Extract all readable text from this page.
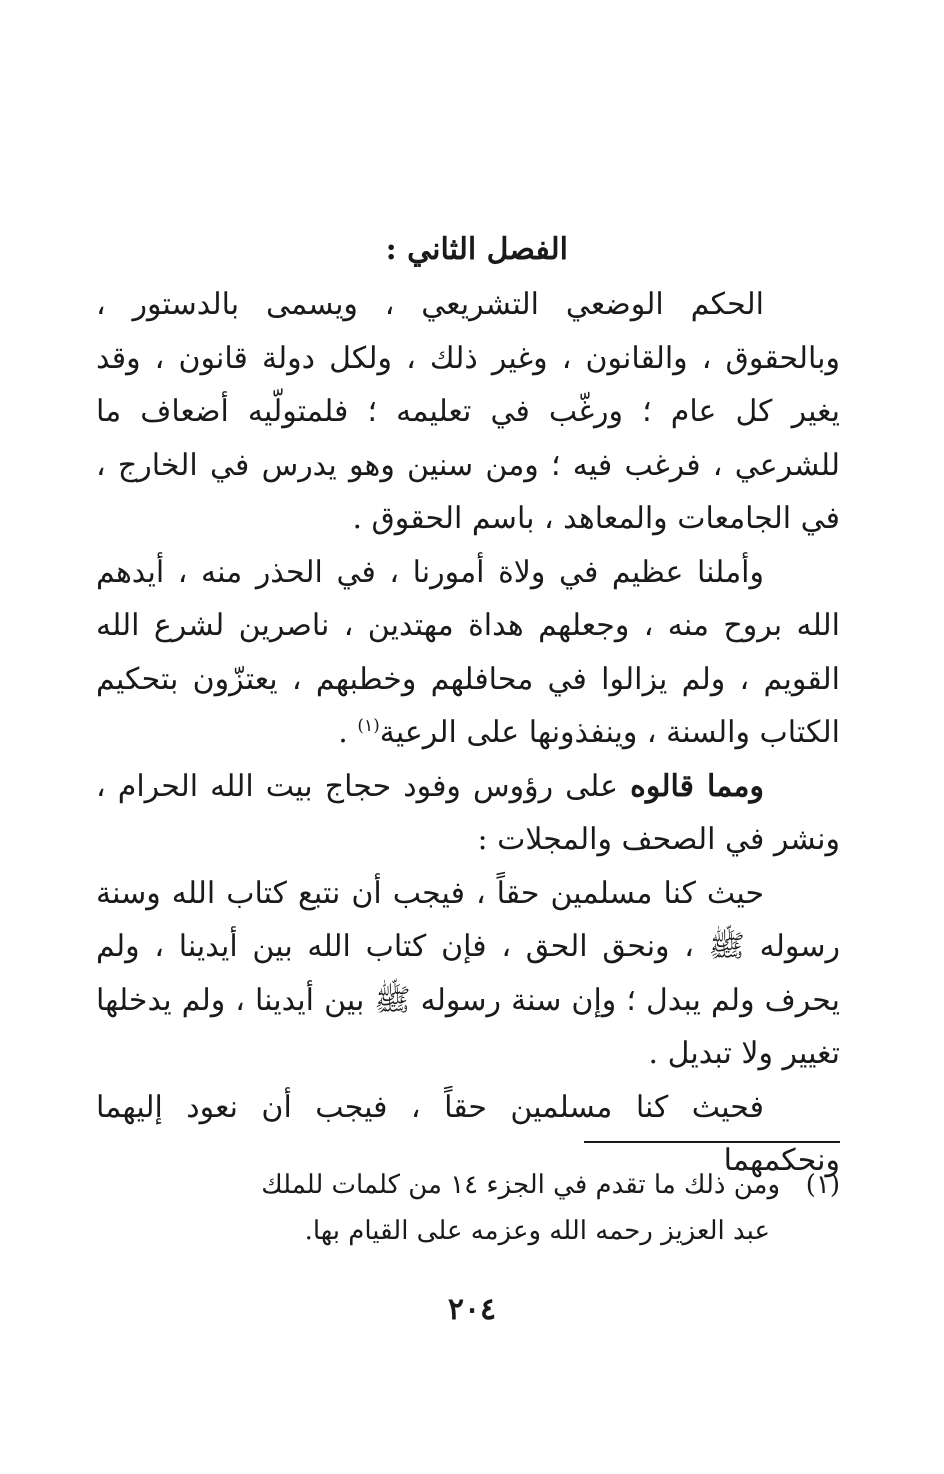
الفصل الثاني :

الحكم الوضعي التشريعي ، ويسمى بالدستور ، وبالحقوق ، والقانون ، وغير ذلك ، ولكل دولة قانون ، وقد يغير كل عام ؛ ورغّب في تعليمه ؛ فلمتولّيه أضعاف ما للشرعي ، فرغب فيه ؛ ومن سنين وهو يدرس في الخارج ، في الجامعات والمعاهد ، باسم الحقوق .

وأملنا عظيم في ولاة أمورنا ، في الحذر منه ، أيدهم الله بروح منه ، وجعلهم هداة مهتدين ، ناصرين لشرع الله القويم ، ولم يزالوا في محافلهم وخطبهم ، يعتزّون بتحكيم الكتاب والسنة ، وينفذونها على الرعية$^{(١)}$ .

ومما قالوه على رؤوس وفود حجاج بيت الله الحرام ، ونشر في الصحف والمجلات :

حيث كنا مسلمين حقاً ، فيجب أن نتبع كتاب الله وسنة رسوله ﷺ ، ونحق الحق ، فإن كتاب الله بين أيدينا ، ولم يحرف ولم يبدل ؛ وإن سنة رسوله ﷺ بين أيدينا ، ولم يدخلها تغيير ولا تبديل .

فحيث كنا مسلمين حقاً ، فيجب أن نعود إليهما ونحكمهما

(١)ومن ذلك ما تقدم في الجزء ١٤ من كلمات للملك
عبد العزيز رحمه الله وعزمه على القيام بها.
٢٠٤
